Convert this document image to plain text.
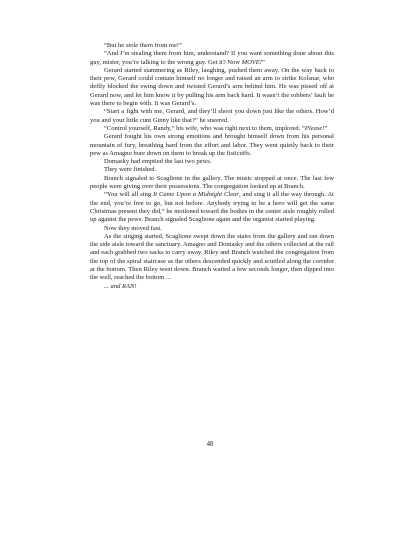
“But he stole them from me!”

“And I’m stealing them from him, understand? If you want something done about this guy, mister, you’re talking to the wrong guy. Get it? Now MOVE!”

Gerard started stammering as Riley, laughing, pushed them away. On the way back to their pew, Gerard could contain himself no longer and raised an arm to strike Kolsnar, who deftly blocked the swing down and twisted Gerard’s arm behind him. He was pissed off at Gerard now, and let him know it by pulling his arm back hard. It wasn’t the robbers’ fault he was there to begin with. It was Gerard’s.

“Start a fight with me, Gerard, and they’ll shoot you down just like the others. How’d you and your little cunt Ginny like that?” he sneered.

“Control yourself, Randy,” his wife, who was right next to them, implored. “Please!”

Gerard fought his own strong emotions and brought himself down from his personal mountain of fury, breathing hard from the effort and labor. They went quietly back to their pew as Amagno bore down on them to break up the fisticuffs.

Domasky had emptied the last two pews.

They were finished.

Branch signaled to Scaglione in the gallery. The music stopped at once. The last few people were giving over their possessions. The congregation looked up at Branch.

“You will all sing It Came Upon a Midnight Clear, and sing it all the way through. At the end, you’re free to go, but not before. Anybody trying to be a hero will get the same Christmas present they did,” he motioned toward the bodies in the center aisle roughly rolled up against the pews. Branch signaled Scaglione again and the organist started playing.

Now they moved fast.

As the singing started, Scaglione swept down the stairs from the gallery and ran down the side aisle toward the sanctuary. Amagno and Domasky and the others collected at the rail and each grabbed two sacks to carry away. Riley and Branch watched the congregation from the top of the spiral staircase as the others descended quickly and scuttled along the corridor at the bottom. Then Riley went down. Branch waited a few seconds longer, then dipped into the well, reached the bottom ...

... and RAN!

48
